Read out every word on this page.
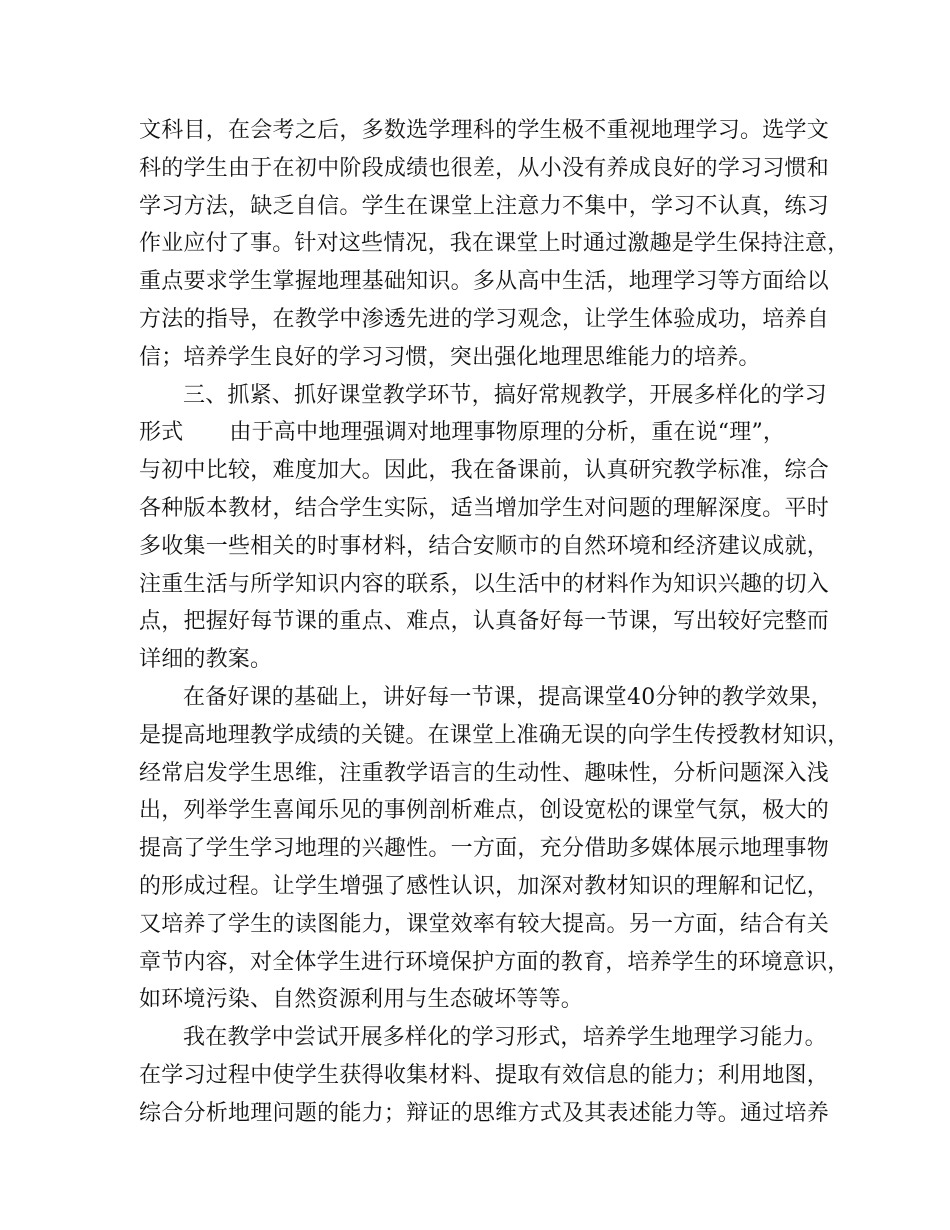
文科目，在会考之后，多数选学理科的学生极不重视地理学习。选学文
科的学生由于在初中阶段成绩也很差，从小没有养成良好的学习习惯和
学习方法，缺乏自信。学生在课堂上注意力不集中，学习不认真，练习
作业应付了事。针对这些情况，我在课堂上时通过激趣是学生保持注意，
重点要求学生掌握地理基础知识。多从高中生活，地理学习等方面给以
方法的指导，在教学中渗透先进的学习观念，让学生体验成功，培养自
信；培养学生良好的学习习惯，突出强化地理思维能力的培养。
三、抓紧、抓好课堂教学环节，搞好常规教学，开展多样化的学习
形式 由于高中地理强调对地理事物原理的分析，重在说“理”，
与初中比较，难度加大。因此，我在备课前，认真研究教学标准，综合
各种版本教材，结合学生实际，适当增加学生对问题的理解深度。平时
多收集一些相关的时事材料，结合安顺市的自然环境和经济建议成就，
注重生活与所学知识内容的联系，以生活中的材料作为知识兴趣的切入
点，把握好每节课的重点、难点，认真备好每一节课，写出较好完整而
详细的教案。
在备好课的基础上，讲好每一节课，提高课堂40分钟的教学效果，
是提高地理教学成绩的关键。在课堂上准确无误的向学生传授教材知识，
经常启发学生思维，注重教学语言的生动性、趣味性，分析问题深入浅
出，列举学生喜闻乐见的事例剖析难点，创设宽松的课堂气氛，极大的
提高了学生学习地理的兴趣性。一方面，充分借助多媒体展示地理事物
的形成过程。让学生增强了感性认识，加深对教材知识的理解和记忆，
又培养了学生的读图能力，课堂效率有较大提高。另一方面，结合有关
章节内容，对全体学生进行环境保护方面的教育，培养学生的环境意识，
如环境污染、自然资源利用与生态破坏等等。
我在教学中尝试开展多样化的学习形式，培养学生地理学习能力。
在学习过程中使学生获得收集材料、提取有效信息的能力；利用地图，
综合分析地理问题的能力；辩证的思维方式及其表述能力等。通过培养
